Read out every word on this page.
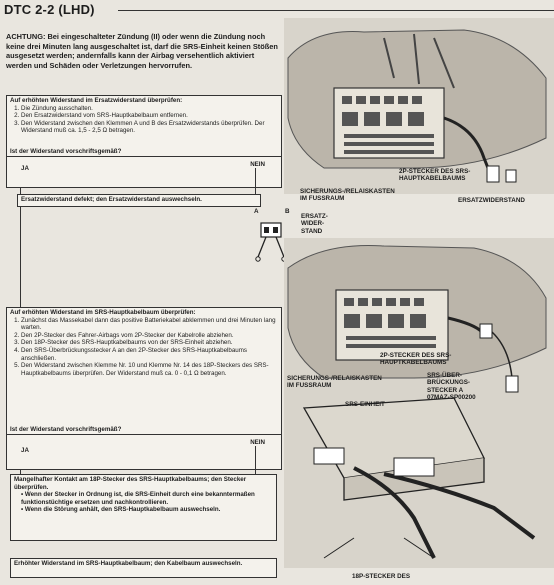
DTC 2-2 (LHD)
ACHTUNG: Bei eingeschalteter Zündung (II) oder wenn die Zündung noch keine drei Minuten lang ausgeschaltet ist, darf die SRS-Einheit keinen Stößen ausgesetzt werden; andernfalls kann der Airbag versehentlich aktiviert werden und Schäden oder Verletzungen hervorrufen.
Auf erhöhten Widerstand im Ersatzwiderstand überprüfen:
1. Die Zündung ausschalten.
2. Den Ersatzwiderstand vom SRS-Hauptkabelbaum entfernen.
3. Den Widerstand zwischen den Klemmen A und B des Ersatzwiderstands überprüfen. Der Widerstand muß ca. 1,5 - 2,5 Ω betragen.
Ist der Widerstand vorschriftsgemäß?
JA
NEIN
Ersatzwiderstand defekt; den Ersatzwiderstand auswechseln.
A	B
Auf erhöhten Widerstand im SRS-Hauptkabelbaum überprüfen:
1. Zunächst das Massekabel dann das positive Batteriekabel abklemmen und drei Minuten lang warten.
2. Den 2P-Stecker des Fahrer-Airbags vom 2P-Stecker der Kabelrolle abziehen.
3. Den 18P-Stecker des SRS-Hauptkabelbaums von der SRS-Einheit abziehen.
4. Den SRS-Überbrückungsstecker A an den 2P-Stecker des SRS-Hauptkabelbaums anschließen.
5. Den Widerstand zwischen Klemme Nr. 10 und Klemme Nr. 14 des 18P-Steckers des SRS-Hauptkabelbaums überprüfen. Der Widerstand muß ca. 0 - 0,1 Ω betragen.
Ist der Widerstand vorschriftsgemäß?
JA
NEIN
Mangelhafter Kontakt am 18P-Stecker des SRS-Hauptkabelbaums; den Stecker überprüfen.
• Wenn der Stecker in Ordnung ist, die SRS-Einheit durch eine bekanntermaßen funktionstüchtige ersetzen und nachkontrollieren.
• Wenn die Störung anhält, den SRS-Hauptkabelbaum auswechseln.
Erhöhter Widerstand im SRS-Hauptkabelbaum; den Kabelbaum auswechseln.
2P-STECKER DES SRS-
HAUPTKABELBAUMS
SICHERUNGS-/RELAISKASTEN
IM FUSSRAUM	ERSATZWIDERSTAND
ERSATZ-
WIDER-
STAND
2P-STECKER DES SRS-
HAUPTKABELBAUMS
SICHERUNGS-/RELAISKASTEN
IM FUSSRAUM
SRS-ÜBER-
BRÜCKUNGS-
STECKER A
07MAZ-SP00200
SRS-EINHEIT
18P-STECKER DES
